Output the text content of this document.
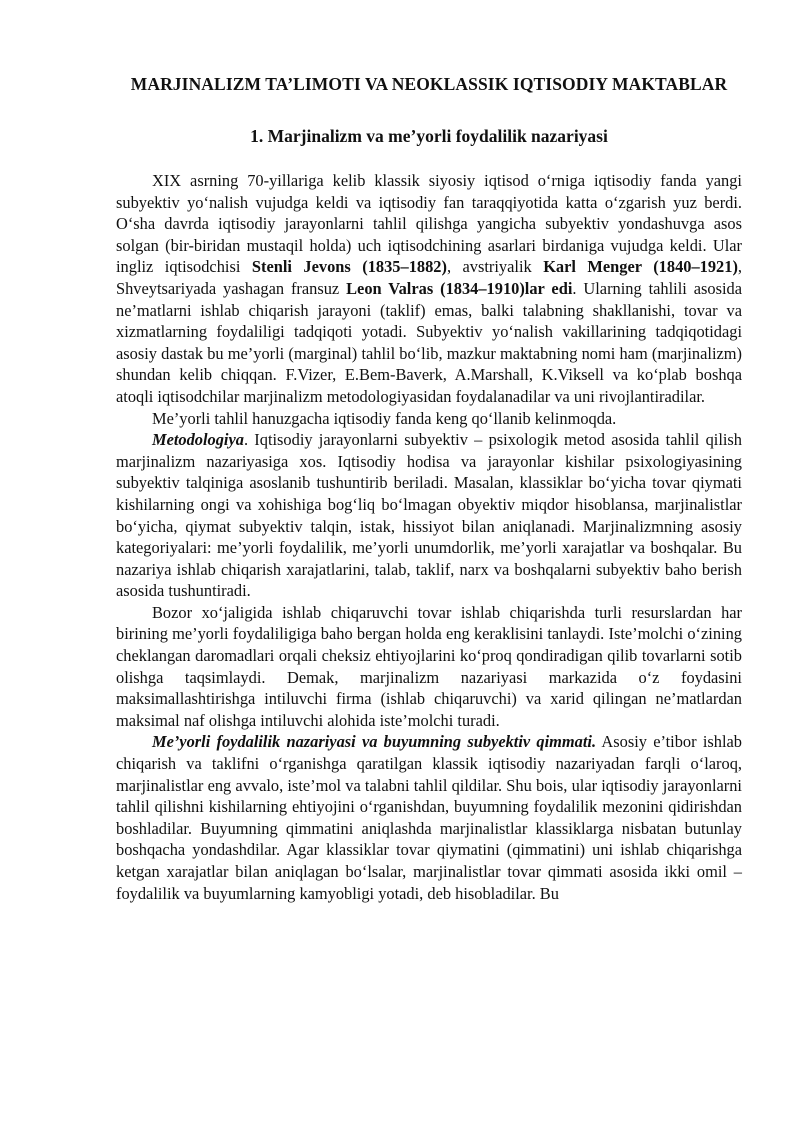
MARJINALIZM TA’LIMOTI VA NEOKLASSIK IQTISODIY MAKTABLAR
1. Marjinalizm va me’yorli foydalilik nazariyasi

XIX asrning 70-yillariga kelib klassik siyosiy iqtisod o‘rniga iqtisodiy fanda yangi subyektiv yo‘nalish vujudga keldi va iqtisodiy fan taraqqiyotida katta o‘zgarish yuz berdi. O‘sha davrda iqtisodiy jarayonlarni tahlil qilishga yangicha subyektiv yondashuvga asos solgan (bir-biridan mustaqil holda) uch iqtisodchining asarlari birdaniga vujudga keldi. Ular ingliz iqtisodchisi Stenli Jevons (1835–1882), avstriyalik Karl Menger (1840–1921), Shveytsariyada yashagan fransuz Leon Valras (1834–1910)lar edi. Ularning tahlili asosida ne’matlarni ishlab chiqarish jarayoni (taklif) emas, balki talabning shakllanishi, tovar va xizmatlarning foydaliligi tadqiqoti yotadi. Subyektiv yo‘nalish vakillarining tadqiqotidagi asosiy dastak bu me’yorli (marginal) tahlil bo‘lib, mazkur maktabning nomi ham (marjinalizm) shundan kelib chiqqan. F.Vizer, E.Bem-Baverk, A.Marshall, K.Viksell va ko‘plab boshqa atoqli iqtisodchilar marjinalizm metodologiyasidan foydalanadilar va uni rivojlantiradilar.

Me’yorli tahlil hanuzgacha iqtisodiy fanda keng qo‘llanib kelinmoqda.

Metodologiya. Iqtisodiy jarayonlarni subyektiv – psixologik metod asosida tahlil qilish marjinalizm nazariyasiga xos. Iqtisodiy hodisa va jarayonlar kishilar psixologiyasining subyektiv talqiniga asoslanib tushuntirib beriladi. Masalan, klassiklar bo‘yicha tovar qiymati kishilarning ongi va xohishiga bog‘liq bo‘lmagan obyektiv miqdor hisoblansa, marjinalistlar bo‘yicha, qiymat subyektiv talqin, istak, hissiyot bilan aniqlanadi. Marjinalizmning asosiy kategoriyalari: me’yorli foydalilik, me’yorli unumdorlik, me’yorli xarajatlar va boshqalar. Bu nazariya ishlab chiqarish xarajatlarini, talab, taklif, narx va boshqalarni subyektiv baho berish asosida tushuntiradi.

Bozor xo‘jaligida ishlab chiqaruvchi tovar ishlab chiqarishda turli resurslardan har birining me’yorli foydaliligiga baho bergan holda eng keraklisini tanlaydi. Iste’molchi o‘zining cheklangan daromadlari orqali cheksiz ehtiyojlarini ko‘proq qondiradigan qilib tovarlarni sotib olishga taqsimlaydi. Demak, marjinalizm nazariyasi markazida o‘z foydasini maksimallashtirishga intiluvchi firma (ishlab chiqaruvchi) va xarid qilingan ne’matlardan maksimal naf olishga intiluvchi alohida iste’molchi turadi.

Me’yorli foydalilik nazariyasi va buyumning subyektiv qimmati. Asosiy e’tibor ishlab chiqarish va taklifni o‘rganishga qaratilgan klassik iqtisodiy nazariyadan farqli o‘laroq, marjinalistlar eng avvalo, iste’mol va talabni tahlil qildilar. Shu bois, ular iqtisodiy jarayonlarni tahlil qilishni kishilarning ehtiyojini o‘rganishdan, buyumning foydalilik mezonini qidirishdan boshladilar. Buyumning qimmatini aniqlashda marjinalistlar klassiklarga nisbatan butunlay boshqacha yondashdilar. Agar klassiklar tovar qiymatini (qimmatini) uni ishlab chiqarishga ketgan xarajatlar bilan aniqlagan bo‘lsalar, marjinalistlar tovar qimmati asosida ikki omil – foydalilik va buyumlarning kamyobligi yotadi, deb hisobladilar. Bu
